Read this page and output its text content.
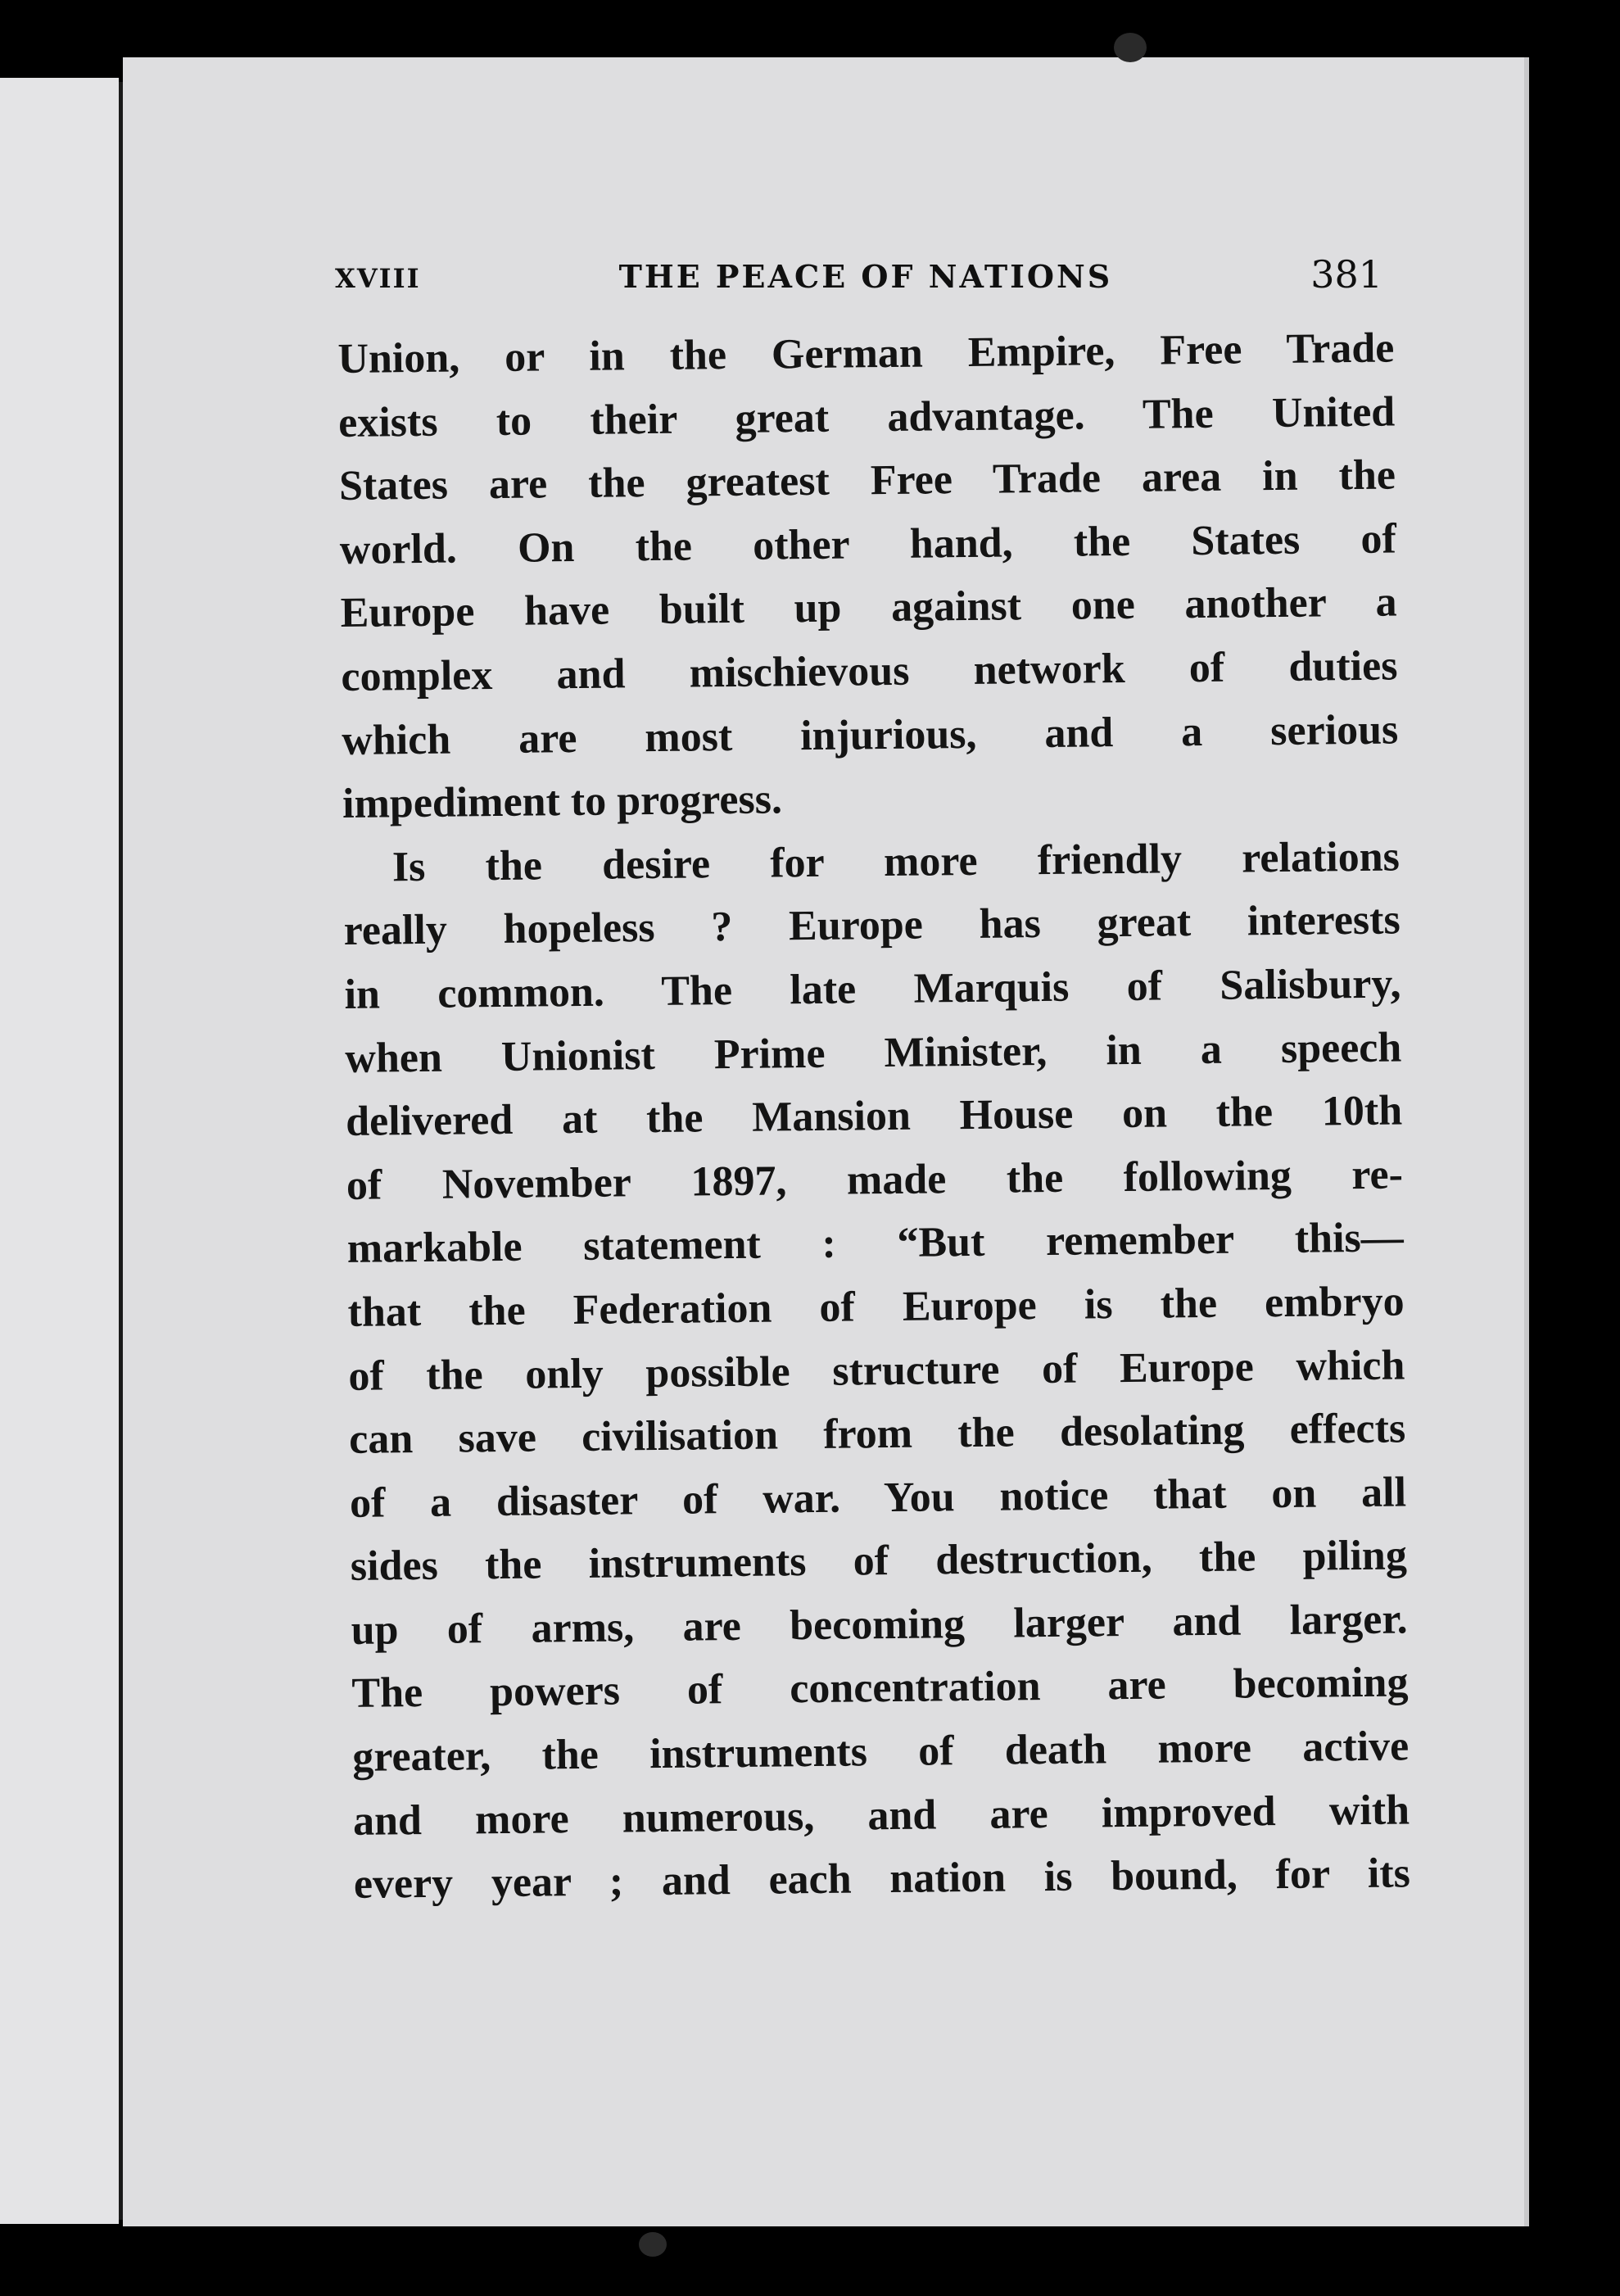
XVIII	THE PEACE OF NATIONS	381
Union, or in the German Empire, Free Trade
exists to their great advantage. The United
States are the greatest Free Trade area in the
world. On the other hand, the States of
Europe have built up against one another a
complex and mischievous network of duties
which are most injurious, and a serious
impediment to progress.
Is the desire for more friendly relations
really hopeless ? Europe has great interests
in common. The late Marquis of Salisbury,
when Unionist Prime Minister, in a speech
delivered at the Mansion House on the 10th
of November 1897, made the following re-
markable statement : “But remember this—
that the Federation of Europe is the embryo
of the only possible structure of Europe which
can save civilisation from the desolating effects
of a disaster of war. You notice that on all
sides the instruments of destruction, the piling
up of arms, are becoming larger and larger.
The powers of concentration are becoming
greater, the instruments of death more active
and more numerous, and are improved with
every year ; and each nation is bound, for its
